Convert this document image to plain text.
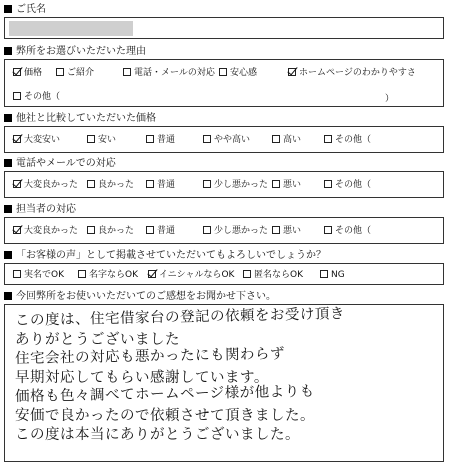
ご氏名
弊所をお選びいただいた理由
価格	ご紹介	電話・メールの対応	安心感	ホームページのわかりやすさ
その他（	）
他社と比較していただいた価格
大変安い	安い	普通	やや高い	高い	その他（
電話やメールでの対応
大変良かった	良かった	普通	少し悪かった	悪い	その他（
担当者の対応
大変良かった	良かった	普通	少し悪かった	悪い	その他（
「お客様の声」として掲載させていただいてもよろしいでしょうか？
実名でOK	名字ならOK	イニシャルならOK	匿名ならOK	NG
今回弊所をお使いいただいてのご感想をお聞かせ下さい。
この度は、住宅借家台の登記の依頼をお受け頂き
ありがとうございました
住宅会社の対応も悪かったにも関わらず
早期対応してもらい感謝しています。
価格も色々調べてホームページ様が他よりも
安価で良かったので依頼させて頂きました。
この度は本当にありがとうございました。
